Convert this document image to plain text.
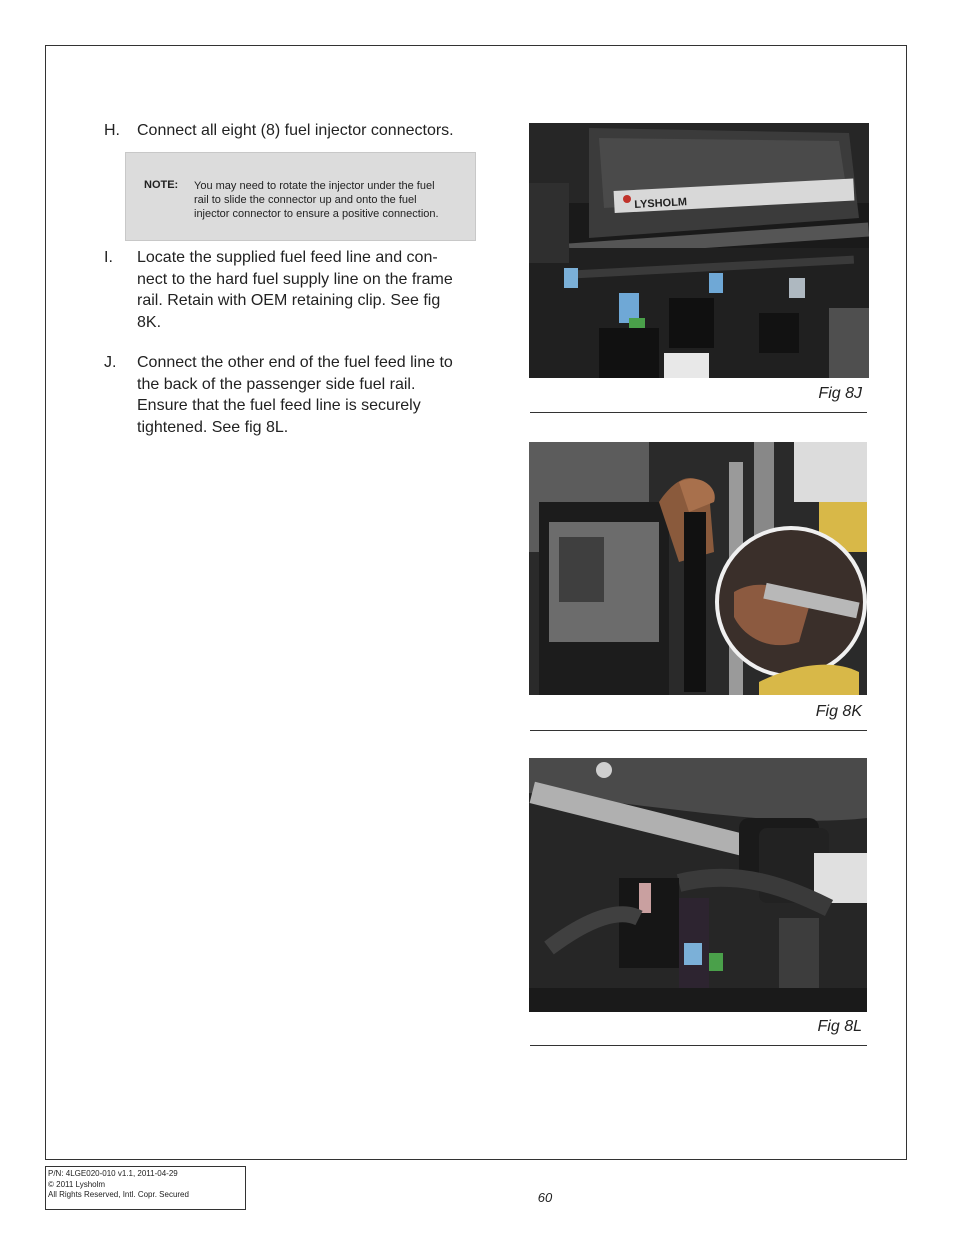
H. Connect all eight (8) fuel injector connectors.
NOTE: You may need to rotate the injector under the fuel
rail to slide the connector up and onto the fuel
injector connector to ensure a positive connection.
I. Locate the supplied fuel feed line and con-
nect to the hard fuel supply line on the frame
rail. Retain with OEM retaining clip. See fig
8K.
J. Connect the other end of the fuel feed line to
the back of the passenger side fuel rail.
Ensure that the fuel feed line is securely
tightened. See fig 8L.
LYSHOLM
Fig 8J
Fig 8K
Fig 8L
P/N: 4LGE020-010 v1.1, 2011-04-29
© 2011 Lysholm
All Rights Reserved, Intl. Copr. Secured	60
